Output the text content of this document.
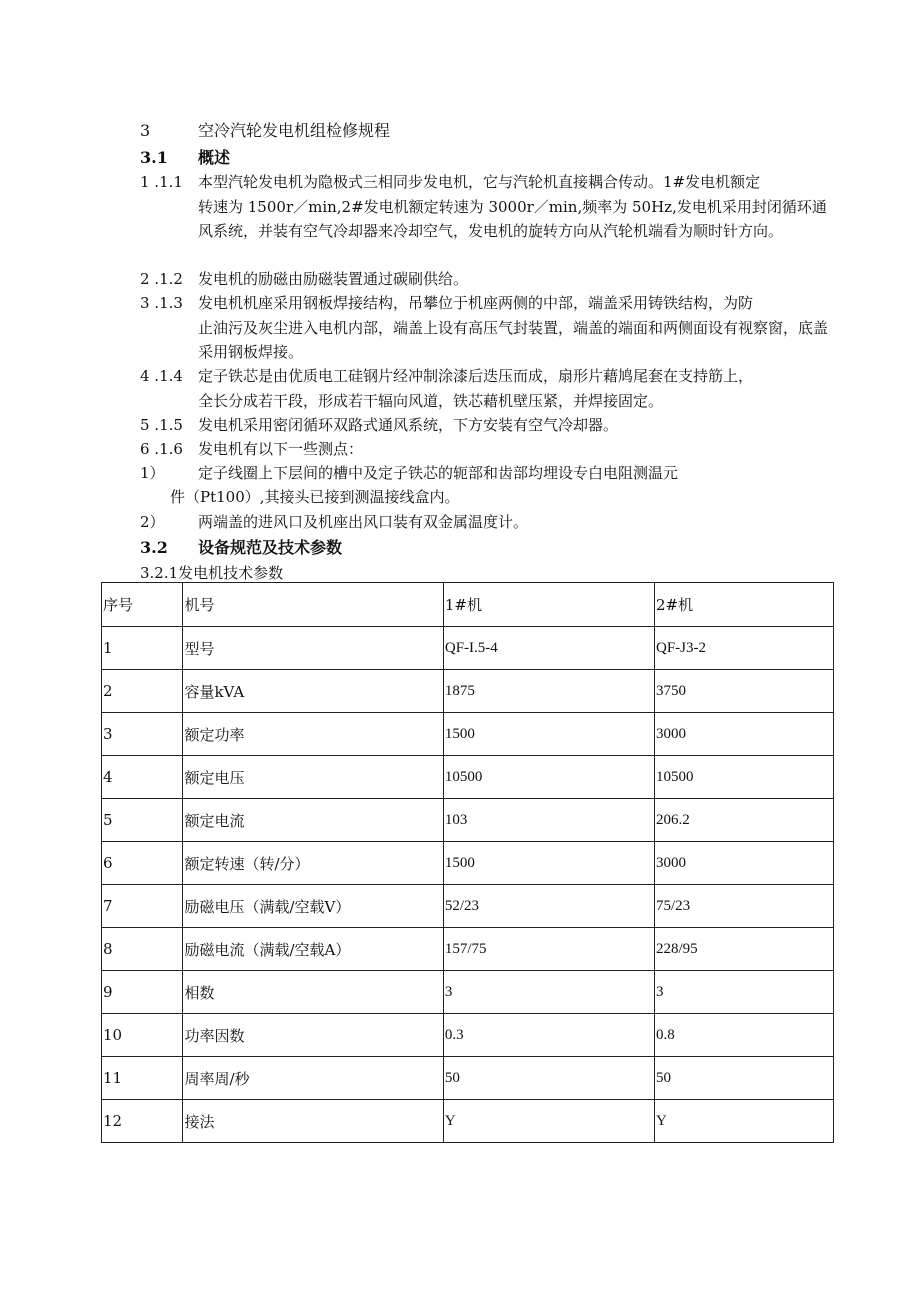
3	空冷汽轮发电机组检修规程
3.1 概述
1 .1.1 本型汽轮发电机为隐极式三相同步发电机，它与汽轮机直接耦合传动。1#发电机额定
转速为 1500r／min,2#发电机额定转速为 3000r／min,频率为 50Hz,发电机采用封闭循环通风系统，并装有空气冷却器来冷却空气，发电机的旋转方向从汽轮机端看为顺时针方向。
2 .1.2 发电机的励磁由励磁装置通过碳刷供给。
3 .1.3 发电机机座采用钢板焊接结构，吊攀位于机座两侧的中部，端盖采用铸铁结构，为防
止油污及灰尘进入电机内部，端盖上设有高压气封装置，端盖的端面和两侧面设有视察窗，底盖采用钢板焊接。
4 .1.4 定子铁芯是由优质电工硅钢片经冲制涂漆后迭压而成，扇形片藉鸠尾套在支持筋上，
全长分成若干段，形成若干辐向风道，铁芯藉机壁压紧，并焊接固定。
5 .1.5 发电机采用密闭循环双路式通风系统，下方安装有空气冷却器。
6 .1.6 发电机有以下一些测点：
1） 定子线圈上下层间的槽中及定子铁芯的轭部和齿部均埋设专白电阻测温元
件（Pt100）,其接头已接到测温接线盒内。
2） 两端盖的进风口及机座出风口装有双金属温度计。
3.2 设备规范及技术参数
3.2.1发电机技术参数
序号	机号	1#机	2#机
1	型号	QF-I.5-4	QF-J3-2
2	容量kVA	1875	3750
3	额定功率	1500	3000
4	额定电压	10500	10500
5	额定电流	103	206.2
6	额定转速（转/分）	1500	3000
7	励磁电压（满载/空载V）	52/23	75/23
8	励磁电流（满载/空载A）	157/75	228/95
9	相数	3	3
10	功率因数	0.3	0.8
11	周率周/秒	50	50
12	接法	Y	Y
